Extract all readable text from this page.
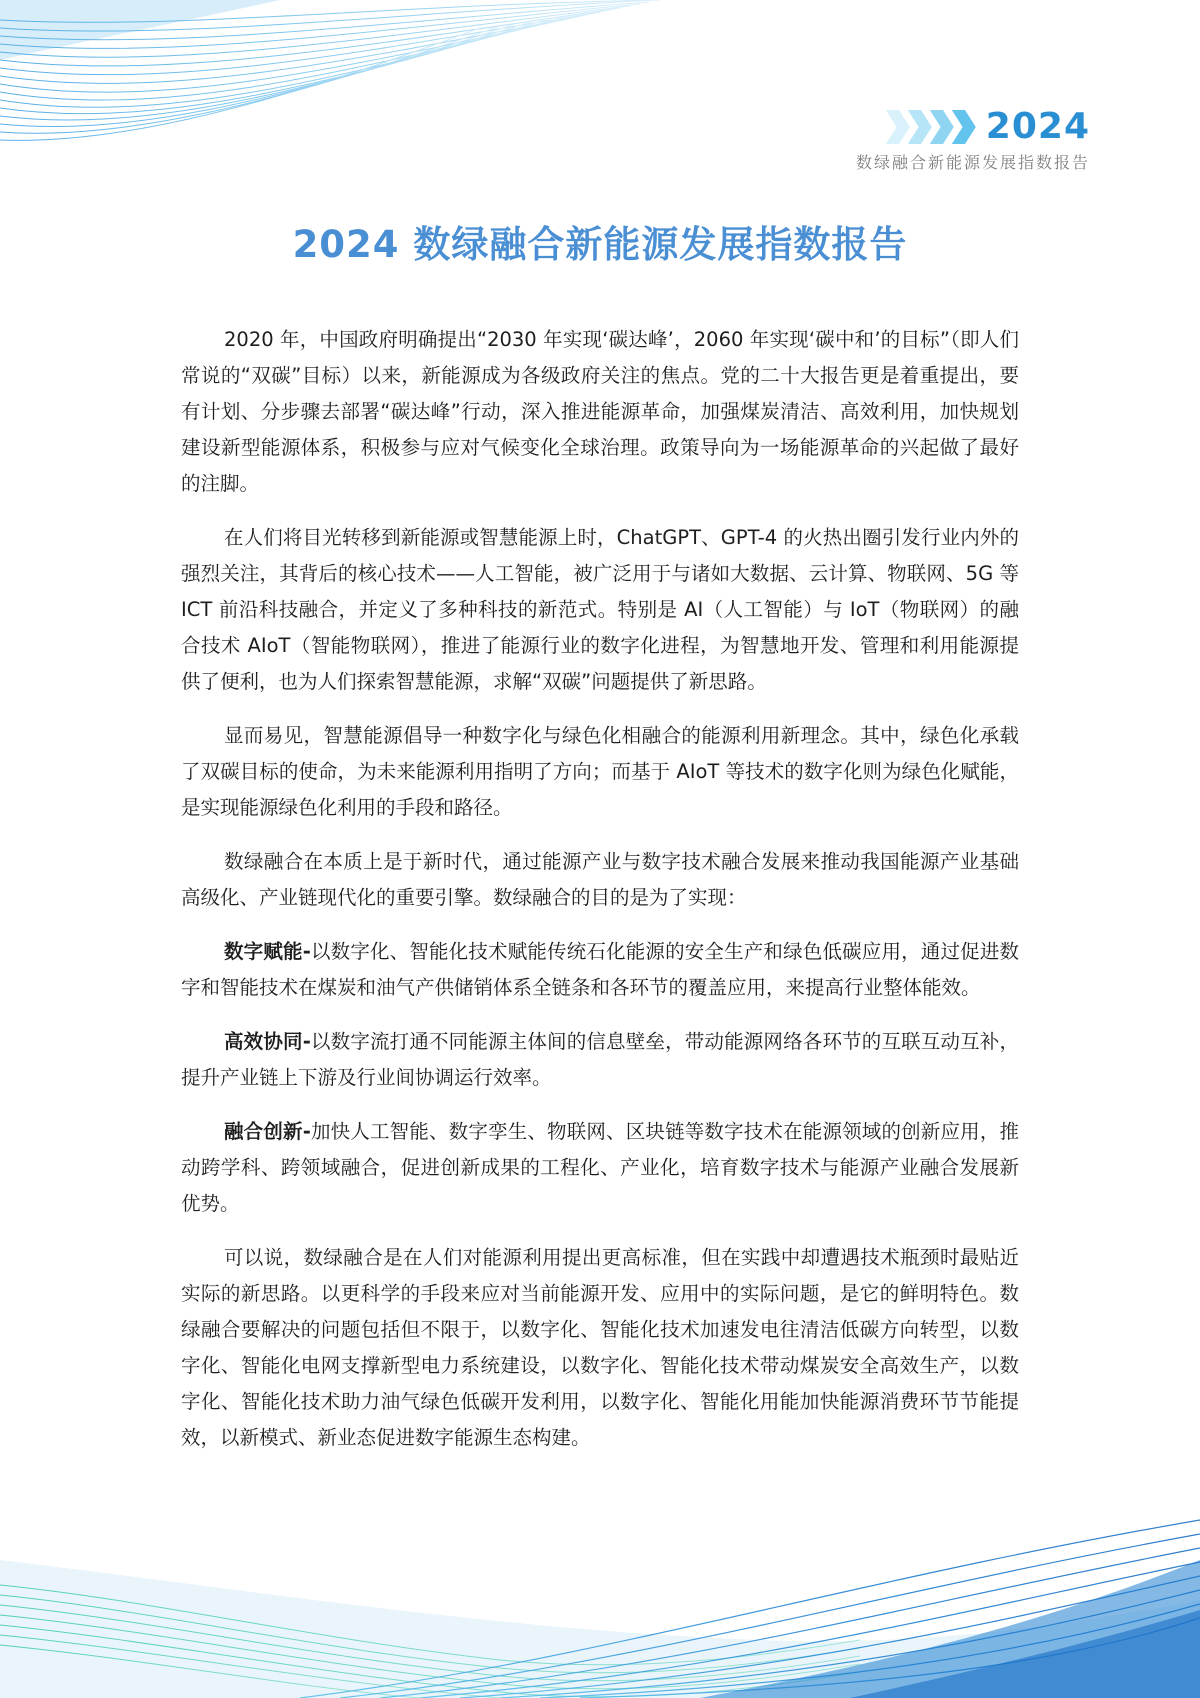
2024
数绿融合新能源发展指数报告
2024 数绿融合新能源发展指数报告

2020 年，中国政府明确提出“2030 年实现‘碳达峰’，2060 年实现‘碳中和’的目标”（即人们常说的“双碳”目标）以来，新能源成为各级政府关注的焦点。党的二十大报告更是着重提出，要有计划、分步骤去部署“碳达峰”行动，深入推进能源革命，加强煤炭清洁、高效利用，加快规划建设新型能源体系，积极参与应对气候变化全球治理。政策导向为一场能源革命的兴起做了最好的注脚。

在人们将目光转移到新能源或智慧能源上时，ChatGPT、GPT-4 的火热出圈引发行业内外的强烈关注，其背后的核心技术——人工智能，被广泛用于与诸如大数据、云计算、物联网、5G 等 ICT 前沿科技融合，并定义了多种科技的新范式。特别是 AI（人工智能）与 IoT（物联网）的融合技术 AIoT（智能物联网），推进了能源行业的数字化进程，为智慧地开发、管理和利用能源提供了便利，也为人们探索智慧能源，求解“双碳”问题提供了新思路。

显而易见，智慧能源倡导一种数字化与绿色化相融合的能源利用新理念。其中，绿色化承载了双碳目标的使命，为未来能源利用指明了方向；而基于 AIoT 等技术的数字化则为绿色化赋能，是实现能源绿色化利用的手段和路径。

数绿融合在本质上是于新时代，通过能源产业与数字技术融合发展来推动我国能源产业基础高级化、产业链现代化的重要引擎。数绿融合的目的是为了实现：

数字赋能-以数字化、智能化技术赋能传统石化能源的安全生产和绿色低碳应用，通过促进数字和智能技术在煤炭和油气产供储销体系全链条和各环节的覆盖应用，来提高行业整体能效。

高效协同-以数字流打通不同能源主体间的信息壁垒，带动能源网络各环节的互联互动互补，提升产业链上下游及行业间协调运行效率。

融合创新-加快人工智能、数字孪生、物联网、区块链等数字技术在能源领域的创新应用，推动跨学科、跨领域融合，促进创新成果的工程化、产业化，培育数字技术与能源产业融合发展新优势。

可以说，数绿融合是在人们对能源利用提出更高标准，但在实践中却遭遇技术瓶颈时最贴近实际的新思路。以更科学的手段来应对当前能源开发、应用中的实际问题，是它的鲜明特色。数绿融合要解决的问题包括但不限于，以数字化、智能化技术加速发电往清洁低碳方向转型，以数字化、智能化电网支撑新型电力系统建设，以数字化、智能化技术带动煤炭安全高效生产，以数字化、智能化技术助力油气绿色低碳开发利用，以数字化、智能化用能加快能源消费环节节能提效，以新模式、新业态促进数字能源生态构建。
